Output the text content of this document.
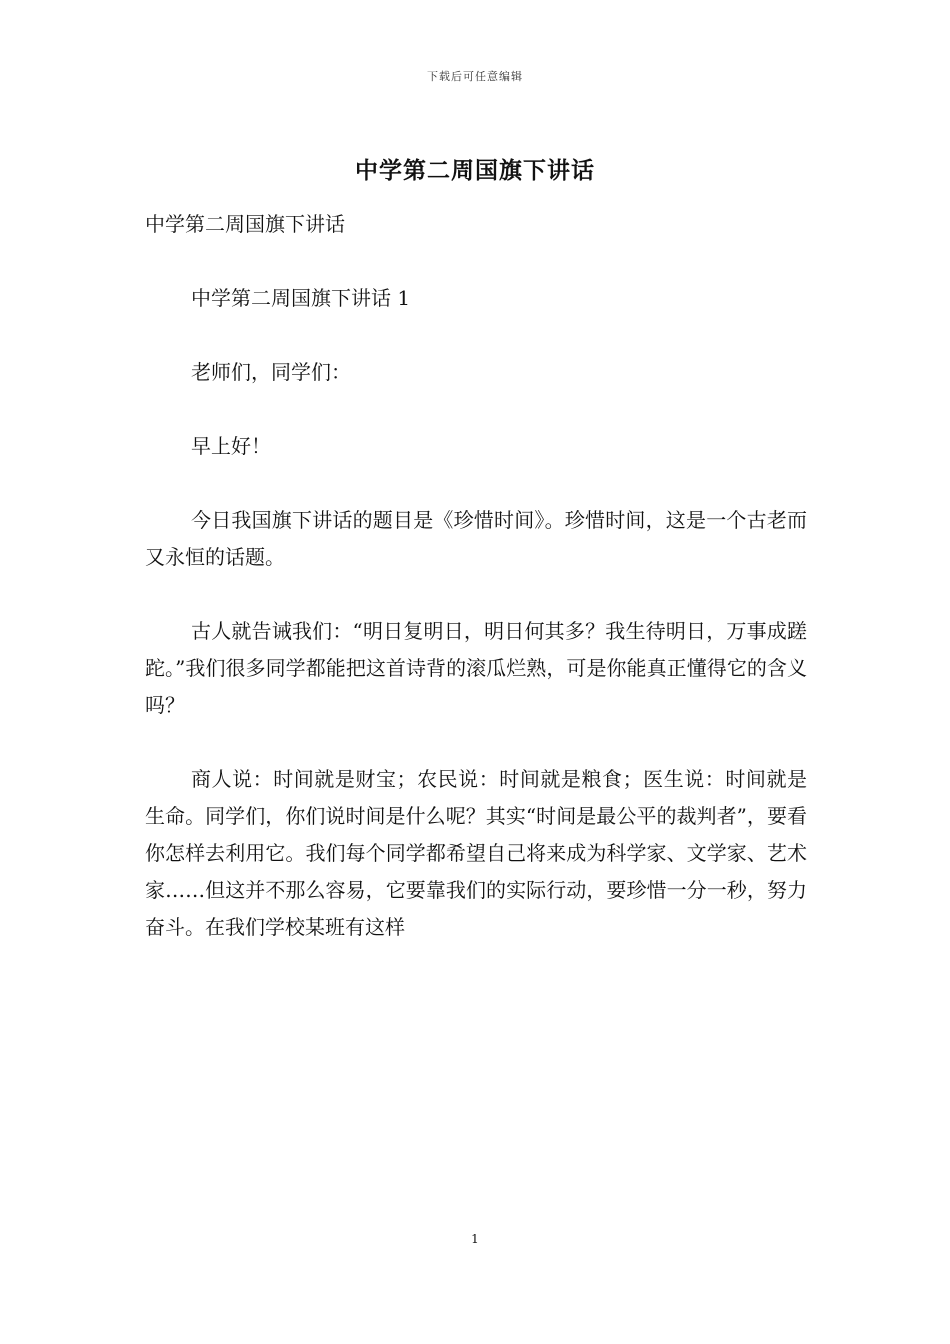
下载后可任意编辑
中学第二周国旗下讲话

中学第二周国旗下讲话

中学第二周国旗下讲话 1

老师们，同学们：

早上好！

今日我国旗下讲话的题目是《珍惜时间》。珍惜时间，这是一个古老而又永恒的话题。

古人就告诫我们：“明日复明日，明日何其多？我生待明日，万事成蹉跎。”我们很多同学都能把这首诗背的滚瓜烂熟，可是你能真正懂得它的含义吗？

商人说：时间就是财宝；农民说：时间就是粮食；医生说：时间就是生命。同学们，你们说时间是什么呢？其实“时间是最公平的裁判者”，要看你怎样去利用它。我们每个同学都希望自己将来成为科学家、文学家、艺术家……但这并不那么容易，它要靠我们的实际行动，要珍惜一分一秒，努力奋斗。在我们学校某班有这样

1
